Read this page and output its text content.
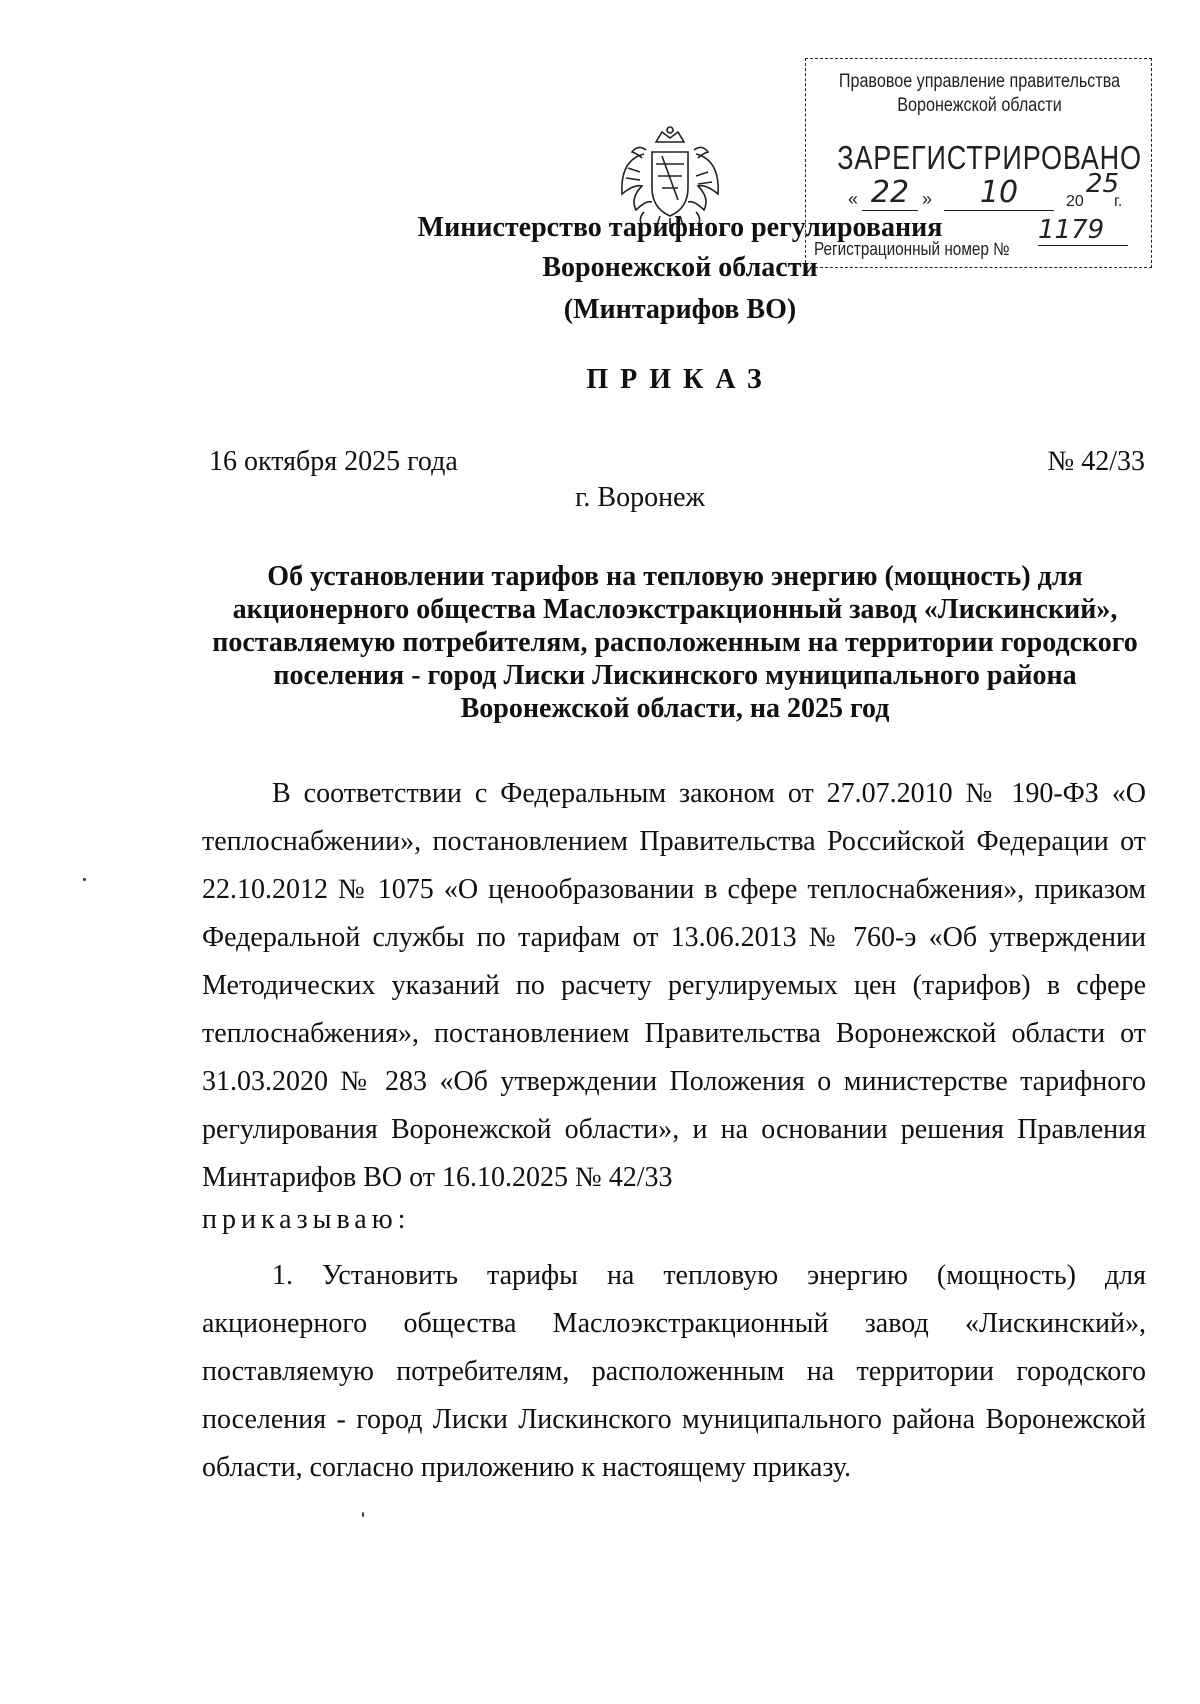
Министерство тарифного регулирования
Воронежской области
(Минтарифов ВО)
ПРИКАЗ
16 октября 2025 года	№ 42/33
г. Воронеж
Об установлении тарифов на тепловую энергию (мощность) для акционерного общества Маслоэкстракционный завод «Лискинский», поставляемую потребителям, расположенным на территории городского поселения - город Лиски Лискинского муниципального района Воронежской области, на 2025 год
В соответствии с Федеральным законом от 27.07.2010 № 190-ФЗ «О теплоснабжении», постановлением Правительства Российской Федерации от 22.10.2012 № 1075 «О ценообразовании в сфере теплоснабжения», приказом Федеральной службы по тарифам от 13.06.2013 № 760-э «Об утверждении Методических указаний по расчету регулируемых цен (тарифов) в сфере теплоснабжения», постановлением Правительства Воронежской области от 31.03.2020 № 283 «Об утверждении Положения о министерстве тарифного регулирования Воронежской области», и на основании решения Правления Минтарифов ВО от 16.10.2025 № 42/33
приказываю:
1. Установить тарифы на тепловую энергию (мощность) для акционерного общества Маслоэкстракционный завод «Лискинский», поставляемую потребителям, расположенным на территории городского поселения - город Лиски Лискинского муниципального района Воронежской области, согласно приложению к настоящему приказу.
Правовое управление правительства
Воронежской области
ЗАРЕГИСТРИРОВАНО
« 22 »	10	20
25
г.
Регистрационный номер №
1179
